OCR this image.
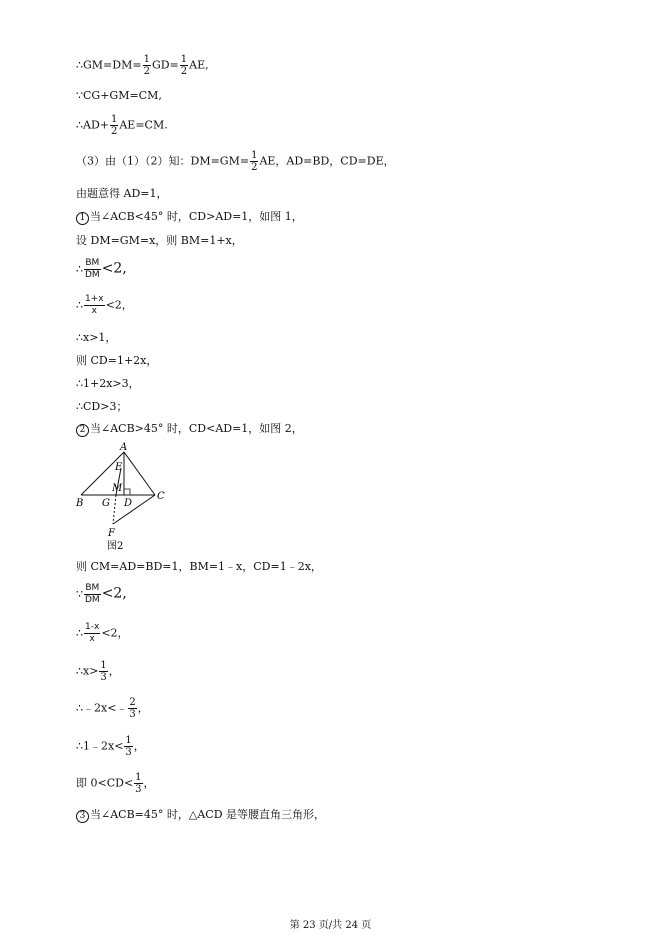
∴GM=DM= $\frac{1}{2} GD= \frac{1}{2}$ AE,
∵CG+GM=CM,
∴AD+ $\frac{1}{2} AE=CM$.
（3）由（1）（2）知：$DM=GM= \frac{1}{2}$ AE，AD=BD，CD=DE，
由题意得 AD=1，
1 当∠ACB<45° 时，CD>AD=1，如图 1，
设 DM=GM=x，则 BM=1+x，
∴ $\frac{BM}{DM} <2$,
∴ $\frac{1+x}{x} <2$，
∴x>1，
则 CD=1+2x，
∴1+2x>3，
∴CD>3；
2 当∠ACB>45° 时，CD<AD=1，如图 2，
A
E
M
B G D
C
F
图2
则 CM=AD=BD=1，BM=1﹣x，CD=1﹣2x，
∵ $\frac{BM}{DM} <2$,
∴ $\frac{1-x}{x} <2$，
∴x> $\frac{1}{3}$ ，
∴﹣2x<﹣ $\frac{2}{3}$ ，
∴1﹣2x< $\frac{1}{3}$ ，
即 $0<CD< \frac{1}{3}$ ，
3 当∠ACB=45° 时，△ACD 是等腰直角三角形，
第 23 页/共 24 页
